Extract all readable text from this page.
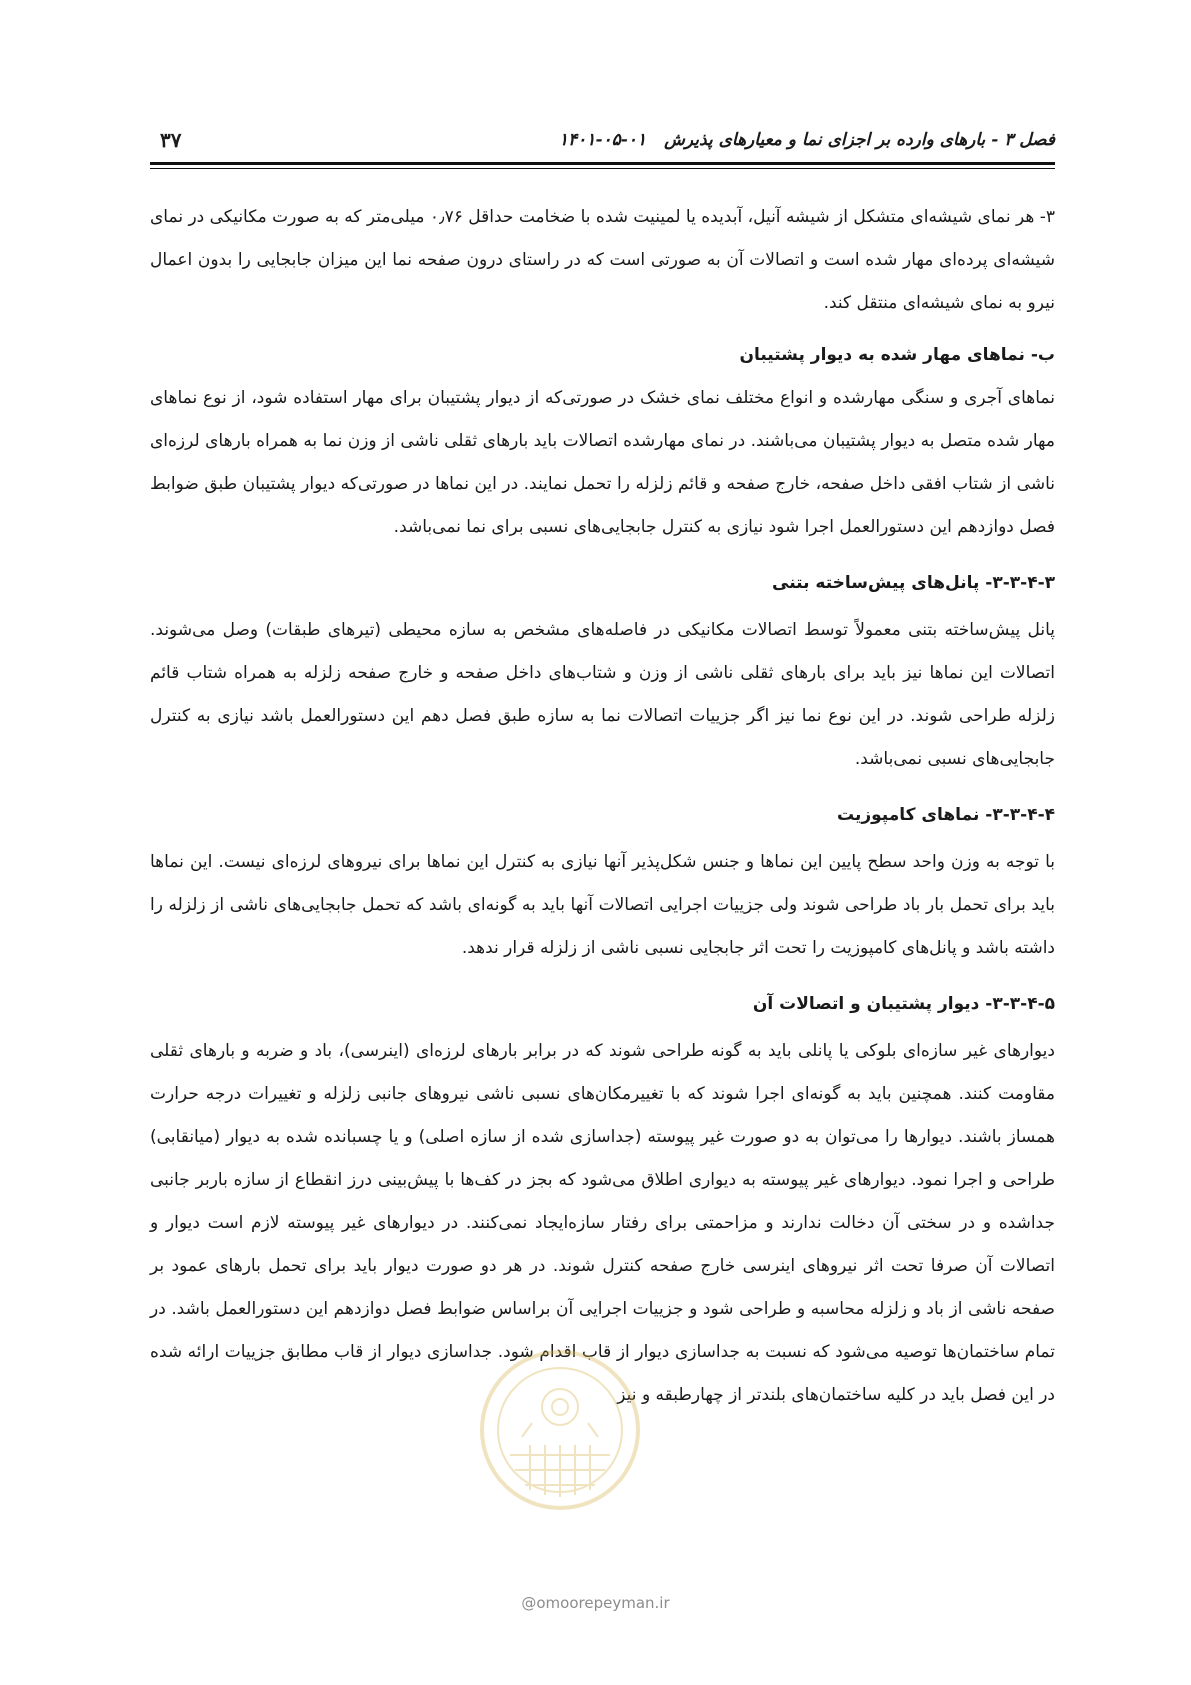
فصل ۳ - بارهای وارده بر اجزای نما و معیارهای پذیرش
۱۴۰۱-۰۵-۰۱
۳۷

۳- هر نمای شیشه‌ای متشکل از شیشه آنیل، آبدیده یا لمینیت شده با ضخامت حداقل ۰٫۷۶ میلی‌متر که به صورت مکانیکی در نمای شیشه‌ای پرده‌ای مهار شده است و اتصالات آن به صورتی است که در راستای درون صفحه نما این میزان جابجایی را بدون اعمال نیرو به نمای شیشه‌ای منتقل کند.

ب- نماهای مهار شده به دیوار پشتیبان

نماهای آجری و سنگی مهارشده و انواع مختلف نمای خشک در صورتی‌که از دیوار پشتیبان برای مهار استفاده شود، از نوع نماهای مهار شده متصل به دیوار پشتیبان می‌باشند. در نمای مهارشده اتصالات باید بارهای ثقلی ناشی از وزن نما به همراه بارهای لرزه‌ای ناشی از شتاب افقی داخل صفحه، خارج صفحه و قائم زلزله را تحمل نمایند. در این نماها در صورتی‌که دیوار پشتیبان طبق ضوابط فصل دوازدهم این دستورالعمل اجرا شود نیازی به کنترل جابجایی‌های نسبی برای نما نمی‌باشد.

۳-۳-۴-۳- پانل‌های پیش‌ساخته بتنی

پانل پیش‌ساخته بتنی معمولاً توسط اتصالات مکانیکی در فاصله‌های مشخص به سازه محیطی (تیرهای طبقات) وصل می‌شوند. اتصالات این نماها نیز باید برای بارهای ثقلی ناشی از وزن و شتاب‌های داخل صفحه و خارج صفحه زلزله به همراه شتاب قائم زلزله طراحی شوند. در این نوع نما نیز اگر جزییات اتصالات نما به سازه طبق فصل دهم این دستورالعمل باشد نیازی به کنترل جابجایی‌های نسبی نمی‌باشد.

۳-۳-۴-۴- نماهای کامپوزیت

با توجه به وزن واحد سطح پایین این نماها و جنس شکل‌پذیر آنها نیازی به کنترل این نماها برای نیروهای لرزه‌ای نیست. این نماها باید برای تحمل بار باد طراحی شوند ولی جزییات اجرایی اتصالات آنها باید به گونه‌ای باشد که تحمل جابجایی‌های ناشی از زلزله را داشته باشد و پانل‌های کامپوزیت را تحت اثر جابجایی نسبی ناشی از زلزله قرار ندهد.

۳-۳-۴-۵- دیوار پشتیبان و اتصالات آن

دیوارهای غیر سازه‌ای بلوکی یا پانلی باید به گونه طراحی شوند که در برابر بارهای لرزه‌ای (اینرسی)، باد و ضربه و بارهای ثقلی مقاومت کنند. همچنین باید به گونه‌ای اجرا شوند که با تغییرمکان‌های نسبی ناشی نیروهای جانبی زلزله و تغییرات درجه حرارت همساز باشند. دیوارها را می‌توان به دو صورت غیر پیوسته (جداسازی شده از سازه اصلی) و یا چسبانده شده به دیوار (میانقابی) طراحی و اجرا نمود. دیوارهای غیر پیوسته به دیواری اطلاق می‌شود که بجز در کف‌ها با پیش‌بینی درز انقطاع از سازه باربر جانبی جداشده و در سختی آن دخالت ندارند و مزاحمتی برای رفتار سازه‌ایجاد نمی‌کنند. در دیوارهای غیر پیوسته لازم است دیوار و اتصالات آن صرفا تحت اثر نیروهای اینرسی خارج صفحه کنترل شوند. در هر دو صورت دیوار باید برای تحمل بارهای عمود بر صفحه ناشی از باد و زلزله محاسبه و طراحی شود و جزییات اجرایی آن براساس ضوابط فصل دوازدهم این دستورالعمل باشد. در تمام ساختمان‌ها توصیه می‌شود که نسبت به جداسازی دیوار از قاب اقدام شود. جداسازی دیوار از قاب مطابق جزییات ارائه شده در این فصل باید در کلیه ساختمان‌های بلندتر از چهارطبقه و نیز

@omoorepeyman.ir
